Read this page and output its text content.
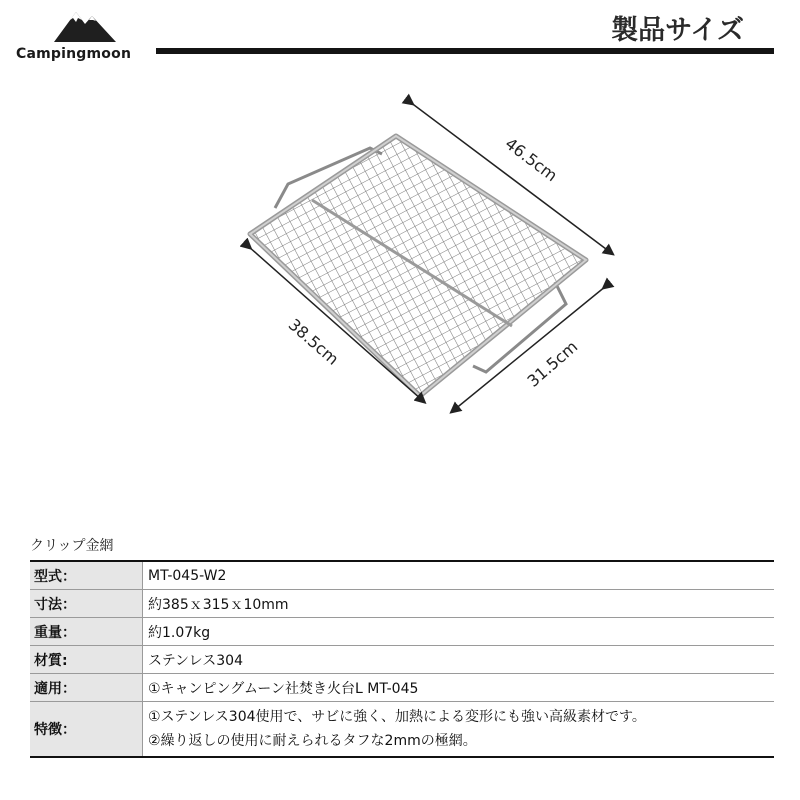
Campingmoon
製品サイズ
46.5cm
31.5cm
38.5cm
クリップ金網
型式：	MT-045-W2
寸法：	約385ｘ315ｘ10mm
重量：	約1.07kg
材質:	ステンレス304
適用：	①キャンピングムーン社焚き火台L MT-045
特徴：	①ステンレス304使用で、サビに強く、加熱による変形にも強い高級素材です。
②繰り返しの使用に耐えられるタフな2mmの極網。
